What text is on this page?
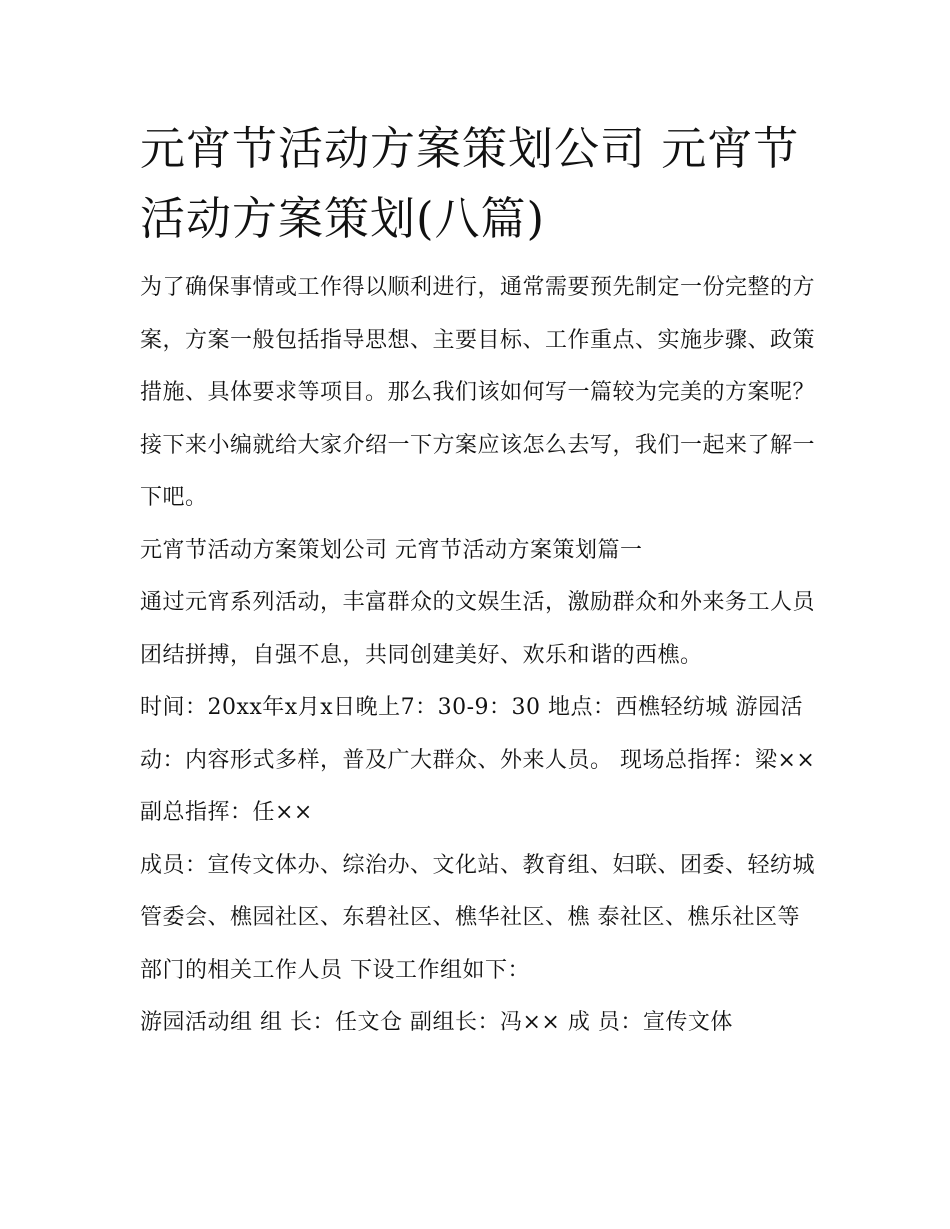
元宵节活动方案策划公司 元宵节活动方案策划(八篇)

为了确保事情或工作得以顺利进行，通常需要预先制定一份完整的方案，方案一般包括指导思想、主要目标、工作重点、实施步骤、政策措施、具体要求等项目。那么我们该如何写一篇较为完美的方案呢？接下来小编就给大家介绍一下方案应该怎么去写，我们一起来了解一下吧。

元宵节活动方案策划公司 元宵节活动方案策划篇一

通过元宵系列活动，丰富群众的文娱生活，激励群众和外来务工人员团结拼搏，自强不息，共同创建美好、欢乐和谐的西樵。

时间：20xx年x月x日晚上7：30-9：30 地点：西樵轻纺城 游园活动：内容形式多样，普及广大群众、外来人员。 现场总指挥：梁×× 副总指挥：任××

成员：宣传文体办、综治办、文化站、教育组、妇联、团委、轻纺城管委会、樵园社区、东碧社区、樵华社区、樵 泰社区、樵乐社区等部门的相关工作人员 下设工作组如下：

游园活动组 组 长：任文仓 副组长：冯×× 成 员：宣传文体
